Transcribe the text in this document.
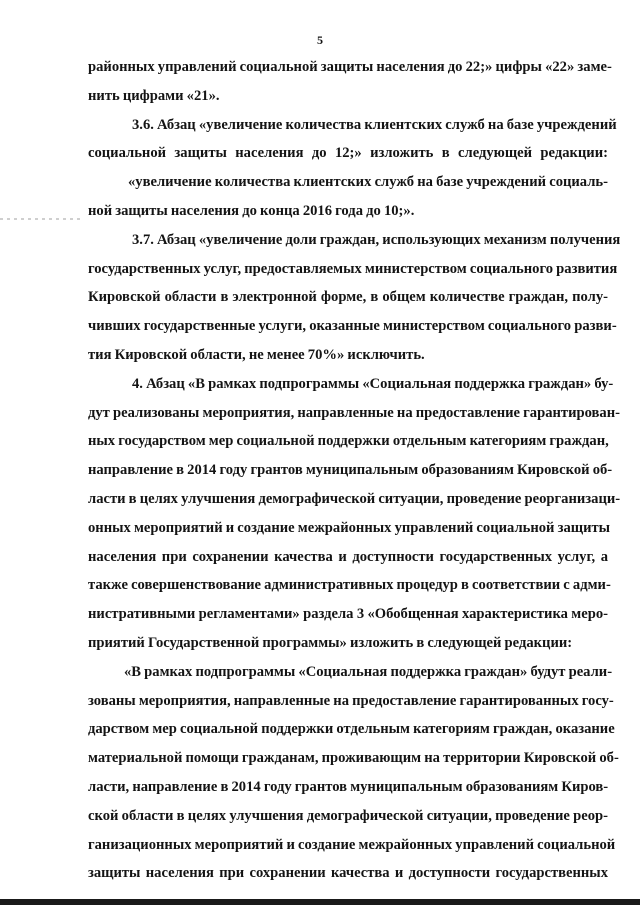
5
районных управлений социальной защиты населения до 22;» цифры «22» заме-
нить цифрами «21».
3.6. Абзац «увеличение количества клиентских служб на базе учреждений
социальной защиты населения до 12;» изложить в следующей редакции:
«увеличение количества клиентских служб на базе учреждений социаль-
ной защиты населения до конца 2016 года до 10;».
3.7. Абзац «увеличение доли граждан, использующих механизм получения
государственных услуг, предоставляемых министерством социального развития
Кировской области в электронной форме, в общем количестве граждан, полу-
чивших государственные услуги, оказанные министерством социального разви-
тия Кировской области, не менее 70%» исключить.
4. Абзац «В рамках подпрограммы «Социальная поддержка граждан» бу-
дут реализованы мероприятия, направленные на предоставление гарантирован-
ных государством мер социальной поддержки отдельным категориям граждан,
направление в 2014 году грантов муниципальным образованиям Кировской об-
ласти в целях улучшения демографической ситуации, проведение реорганизаци-
онных мероприятий и создание межрайонных управлений социальной защиты
населения при сохранении качества и доступности государственных услуг, а
также совершенствование административных процедур в соответствии с адми-
нистративными регламентами» раздела 3 «Обобщенная характеристика меро-
приятий Государственной программы» изложить в следующей редакции:
«В рамках подпрограммы «Социальная поддержка граждан» будут реали-
зованы мероприятия, направленные на предоставление гарантированных госу-
дарством мер социальной поддержки отдельным категориям граждан, оказание
материальной помощи гражданам, проживающим на территории Кировской об-
ласти, направление в 2014 году грантов муниципальным образованиям Киров-
ской области в целях улучшения демографической ситуации, проведение реор-
ганизационных мероприятий и создание межрайонных управлений социальной
защиты населения при сохранении качества и доступности государственных
